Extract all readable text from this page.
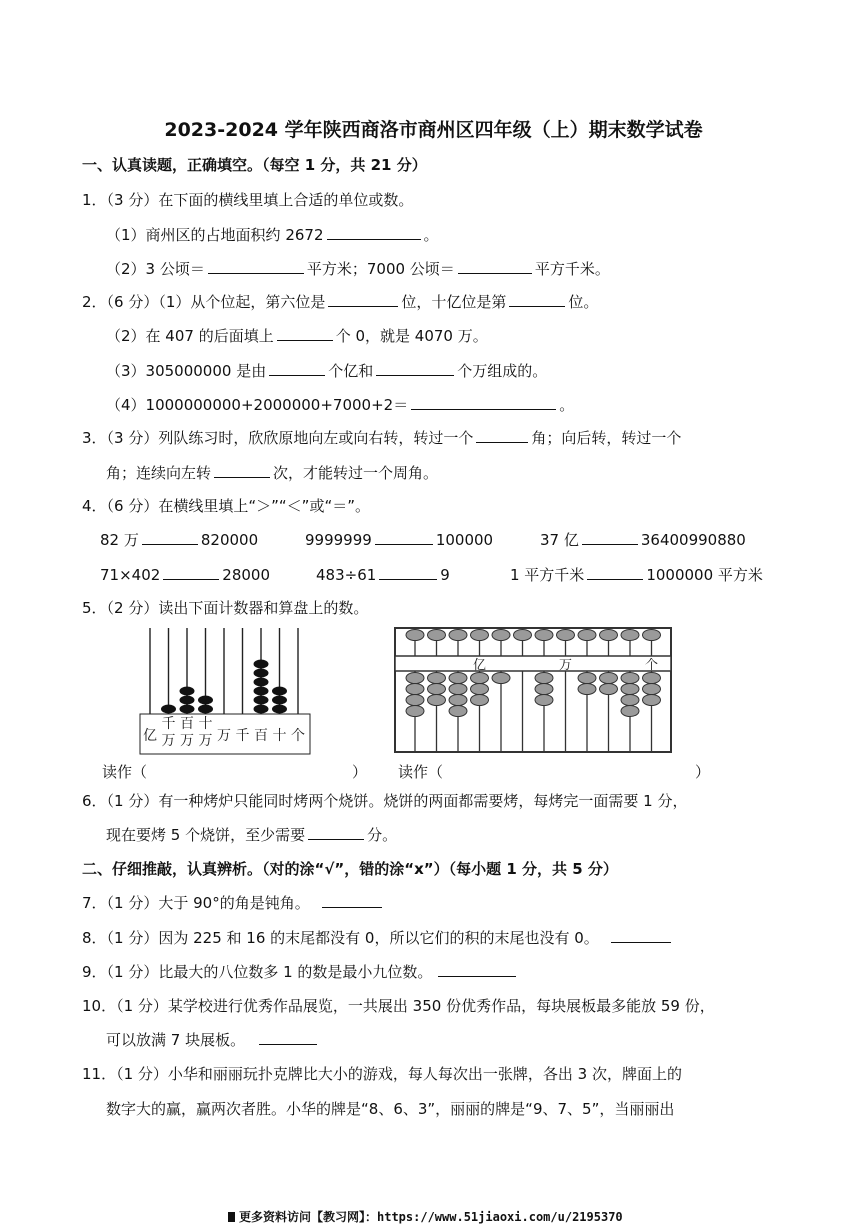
2023-2024 学年陕西商洛市商州区四年级（上）期末数学试卷
一、认真读题，正确填空。（每空 1 分，共 21 分）
1．（3 分）在下面的横线里填上合适的单位或数。
（1）商州区的占地面积约 2672	。
（2）3 公顷＝	平方米；7000 公顷＝	平方千米。
2．（6 分）（1）从个位起，第六位是	位，十亿位是第	位。
（2）在 407 的后面填上	个 0，就是 4070 万。
（3）305000000 是由	个亿和	个万组成的。
（4）1000000000+2000000+7000+2＝	。
3．（3 分）列队练习时，欣欣原地向左或向右转，转过一个	角；向后转，转过一个
角；连续向左转	次，才能转过一个周角。
4．（6 分）在横线里填上“＞”“＜”或“＝”。
82 万	820000	9999999	100000	37 亿	36400990880
71×402	28000	483÷61	9	1 平方千米	1000000 平方米
5．（2 分）读出下面计数器和算盘上的数。
亿
千
万
百
万
十
万 万 千 百 十 个
亿	万	个
读作（	） 读作（	）
6．（1 分）有一种烤炉只能同时烤两个烧饼。烧饼的两面都需要烤，每烤完一面需要 1 分，
现在要烤 5 个烧饼，至少需要	分。
二、仔细推敲，认真辨析。（对的涂“√”，错的涂“x”）（每小题 1 分，共 5 分）
7．（1 分）大于 90°的角是钝角。
8．（1 分）因为 225 和 16 的末尾都没有 0，所以它们的积的末尾也没有 0。
9．（1 分）比最大的八位数多 1 的数是最小九位数。
10．（1 分）某学校进行优秀作品展览，一共展出 350 份优秀作品，每块展板最多能放 59 份，
可以放满 7 块展板。
11．（1 分）小华和丽丽玩扑克牌比大小的游戏，每人每次出一张牌，各出 3 次，牌面上的
数字大的赢，赢两次者胜。小华的牌是“8、6、3”，丽丽的牌是“9、7、5”，当丽丽出
更多资料访问【教习网】：https://www.51jiaoxi.com/u/2195370
